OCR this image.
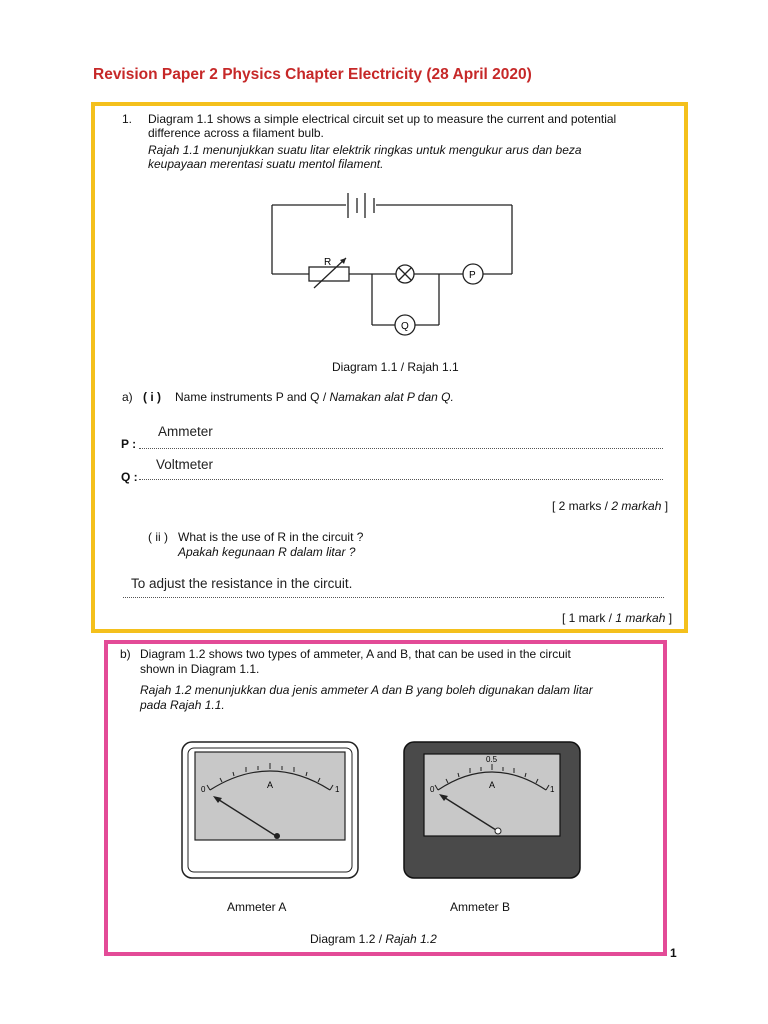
Revision Paper 2 Physics Chapter Electricity (28 April 2020)
1. Diagram 1.1 shows a simple electrical circuit set up to measure the current and potential
difference across a filament bulb.
Rajah 1.1 menunjukkan suatu litar elektrik ringkas untuk mengukur arus dan beza
keupayaan merentasi suatu mentol filament.
R
P
Q
Diagram 1.1 / Rajah 1.1
a) ( i ) Name instruments P and Q / Namakan alat P dan Q.
Ammeter
P :
Voltmeter
Q :
[ 2 marks / 2 markah ]
( ii ) What is the use of R in the circuit ?
Apakah kegunaan R dalam litar ?
To adjust the resistance in the circuit.
[ 1 mark / 1 markah ]
b) Diagram 1.2 shows two types of ammeter, A and B, that can be used in the circuit
shown in Diagram 1.1.
Rajah 1.2 menunjukkan dua jenis ammeter A dan B yang boleh digunakan dalam litar
pada Rajah 1.1.
0	1
A
Ammeter A
0
0.5
1
A
Ammeter B
Diagram 1.2 / Rajah 1.2
1
